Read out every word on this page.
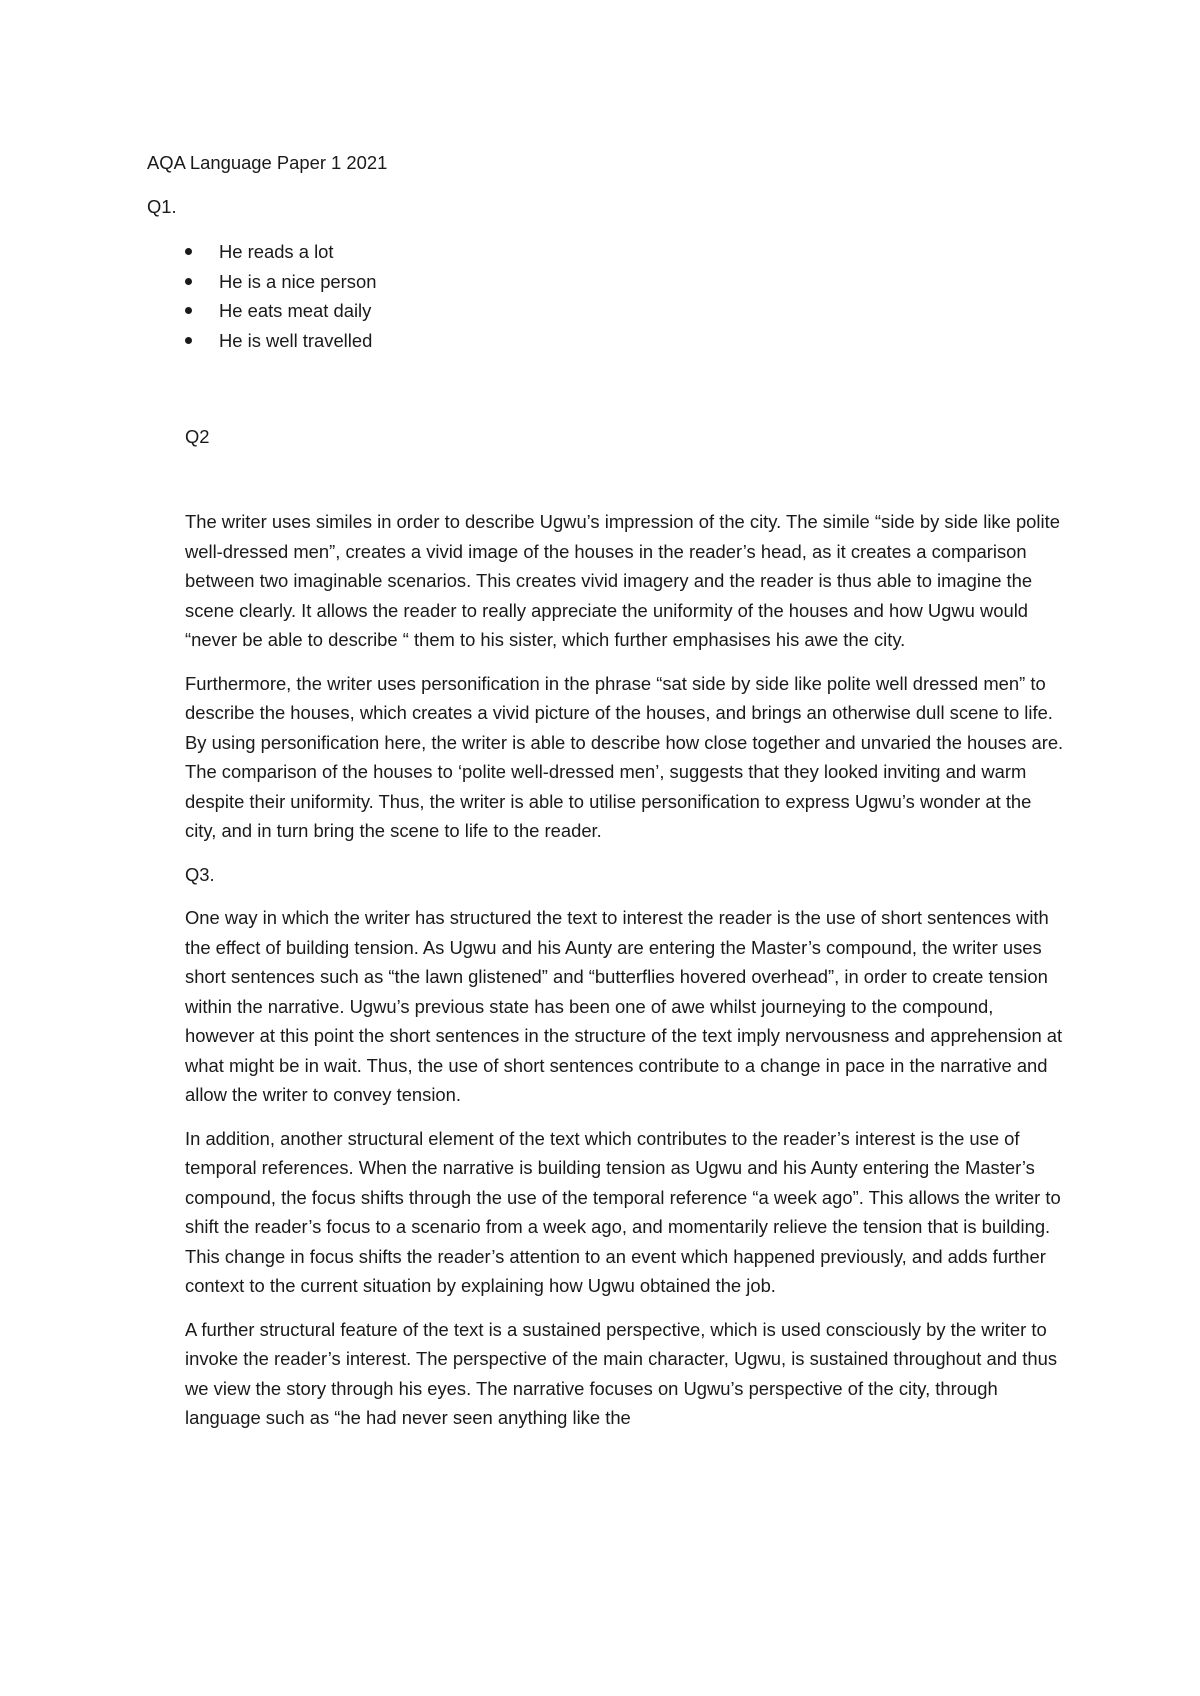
AQA Language Paper 1 2021
Q1.
He reads a lot
He is a nice person
He eats meat daily
He is well travelled
Q2

The writer uses similes in order to describe Ugwu’s impression of the city. The simile “side by side like polite well-dressed men”, creates a vivid image of the houses in the reader’s head, as it creates a comparison between two imaginable scenarios. This creates vivid imagery and the reader is thus able to imagine the scene clearly. It allows the reader to really appreciate the uniformity of the houses and how Ugwu would “never be able to describe “ them to his sister, which further emphasises his awe the city.

Furthermore, the writer uses personification in the phrase “sat side by side like polite well dressed men” to describe the houses, which creates a vivid picture of the houses, and brings an otherwise dull scene to life. By using personification here, the writer is able to describe how close together and unvaried the houses are. The comparison of the houses to ‘polite well-dressed men’, suggests that they looked inviting and warm despite their uniformity. Thus, the writer is able to utilise personification to express Ugwu’s wonder at the city, and in turn bring the scene to life to the reader.

Q3.

One way in which the writer has structured the text to interest the reader is the use of short sentences with the effect of building tension. As Ugwu and his Aunty are entering the Master’s compound, the writer uses short sentences such as “the lawn glistened” and “butterflies hovered overhead”, in order to create tension within the narrative. Ugwu’s previous state has been one of awe whilst journeying to the compound, however at this point the short sentences in the structure of the text imply nervousness and apprehension at what might be in wait. Thus, the use of short sentences contribute to a change in pace in the narrative and allow the writer to convey tension.

In addition, another structural element of the text which contributes to the reader’s interest is the use of temporal references. When the narrative is building tension as Ugwu and his Aunty entering the Master’s compound, the focus shifts through the use of the temporal reference “a week ago”. This allows the writer to shift the reader’s focus to a scenario from a week ago, and momentarily relieve the tension that is building. This change in focus shifts the reader’s attention to an event which happened previously, and adds further context to the current situation by explaining how Ugwu obtained the job.

A further structural feature of the text is a sustained perspective, which is used consciously by the writer to invoke the reader’s interest. The perspective of the main character, Ugwu, is sustained throughout and thus we view the story through his eyes. The narrative focuses on Ugwu’s perspective of the city, through language such as “he had never seen anything like the
